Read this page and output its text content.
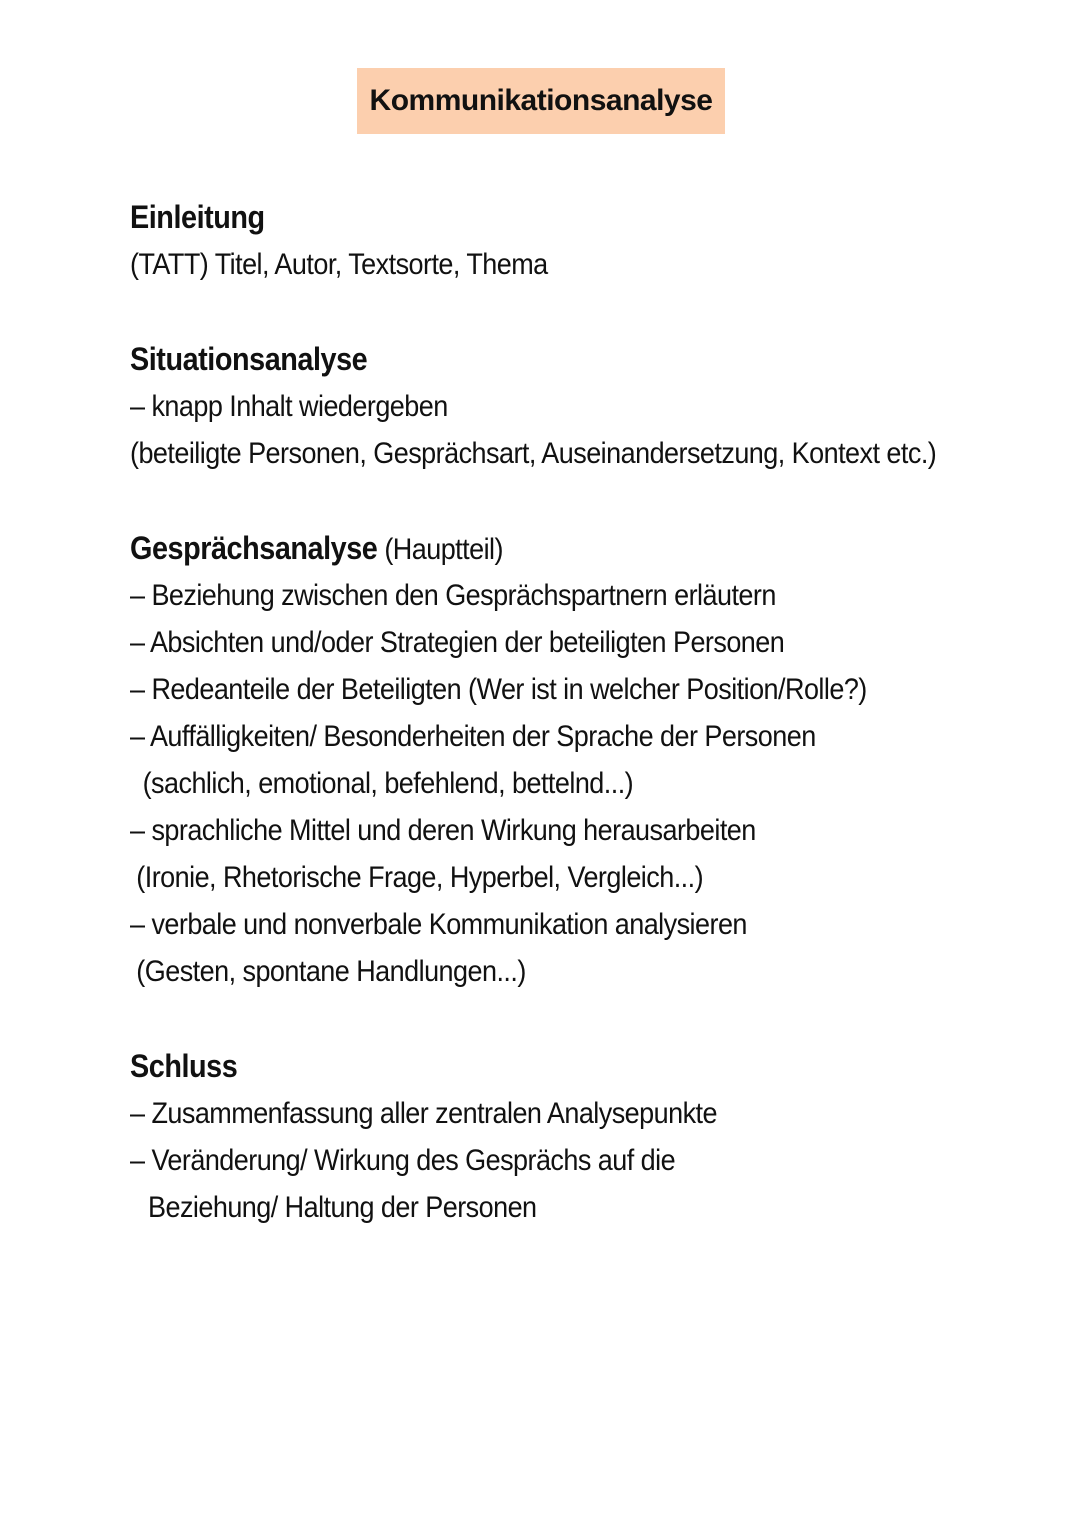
Kommunikationsanalyse
Einleitung
(TATT) Titel, Autor, Textsorte, Thema
Situationsanalyse
– knapp Inhalt wiedergeben
(beteiligte Personen, Gesprächsart, Auseinandersetzung, Kontext etc.)
Gesprächsanalyse (Hauptteil)
– Beziehung zwischen den Gesprächspartnern erläutern
– Absichten und/oder Strategien der beteiligten Personen
– Redeanteile der Beteiligten (Wer ist in welcher Position/Rolle?)
– Auffälligkeiten/ Besonderheiten der Sprache der Personen
(sachlich, emotional, befehlend, bettelnd...)
– sprachliche Mittel und deren Wirkung herausarbeiten
(Ironie, Rhetorische Frage, Hyperbel, Vergleich...)
– verbale und nonverbale Kommunikation analysieren
(Gesten, spontane Handlungen...)
Schluss
– Zusammenfassung aller zentralen Analysepunkte
– Veränderung/ Wirkung des Gesprächs auf die
Beziehung/ Haltung der Personen
